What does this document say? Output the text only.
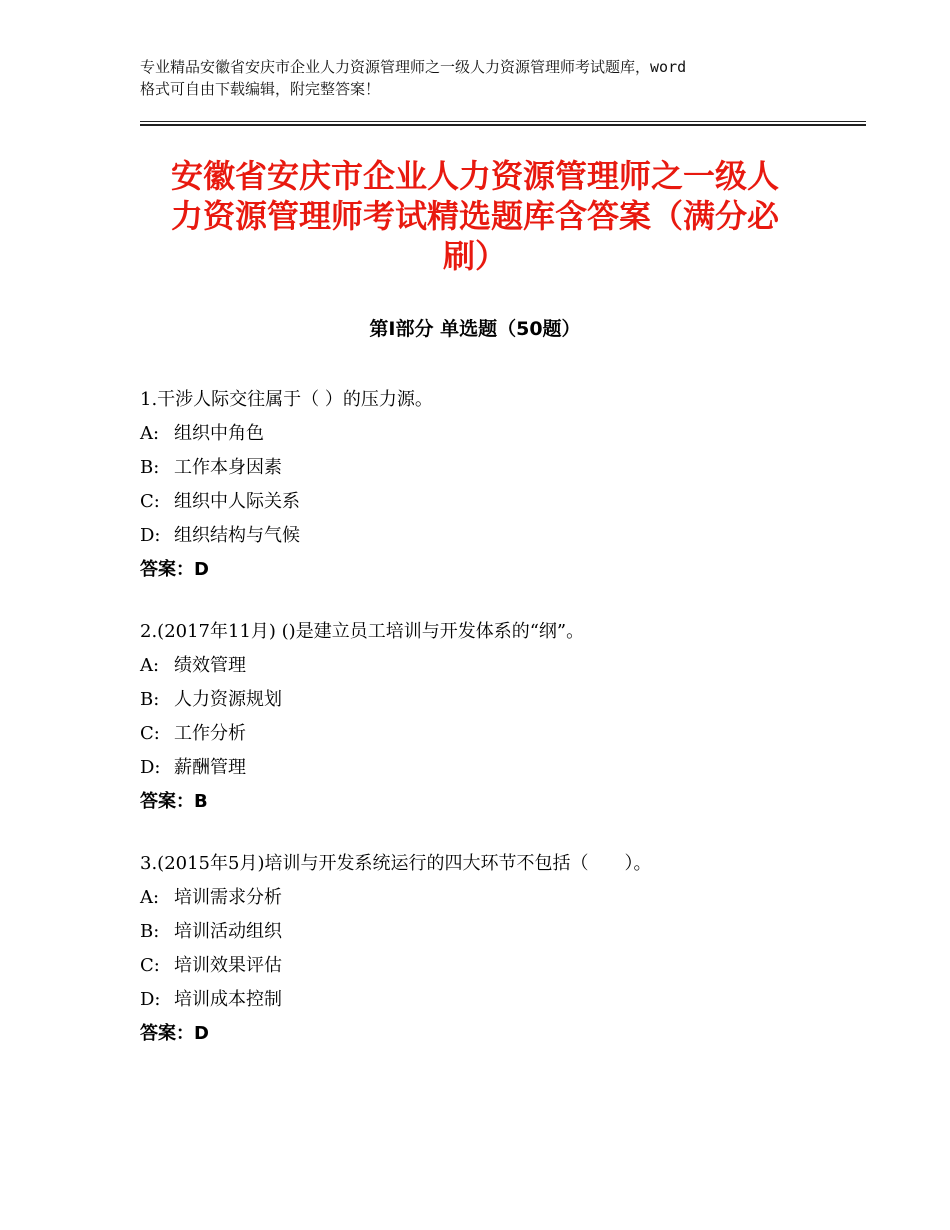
专业精品安徽省安庆市企业人力资源管理师之一级人力资源管理师考试题库，word
格式可自由下载编辑，附完整答案！
安徽省安庆市企业人力资源管理师之一级人
力资源管理师考试精选题库含答案（满分必
刷）
第Ⅰ部分 单选题（50题）
1.干涉人际交往属于（ ）的压力源。
A: 组织中角色
B: 工作本身因素
C: 组织中人际关系
D: 组织结构与气候
答案：D
2.(2017年11月) ()是建立员工培训与开发体系的“纲”。
A: 绩效管理
B: 人力资源规划
C: 工作分析
D: 薪酬管理
答案：B
3.(2015年5月)培训与开发系统运行的四大环节不包括（　　）。
A: 培训需求分析
B: 培训活动组织
C: 培训效果评估
D: 培训成本控制
答案：D
